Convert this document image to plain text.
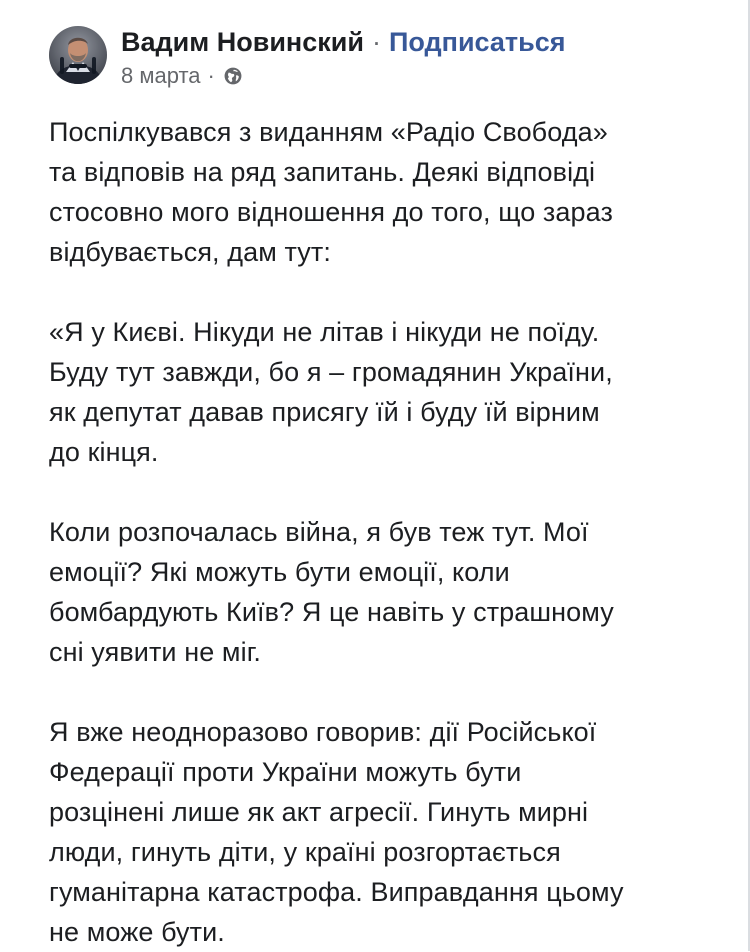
Вадим Новинский · Подписаться
8 марта ·

Поспілкувався з виданням «Радіо Свобода»
та відповів на ряд запитань. Деякі відповіді
стосовно мого відношення до того, що зараз
відбувається, дам тут:

«Я у Києві. Нікуди не літав і нікуди не поїду.
Буду тут завжди, бо я – громадянин України,
як депутат давав присягу їй і буду їй вірним
до кінця.

Коли розпочалась війна, я був теж тут. Мої
емоції? Які можуть бути емоції, коли
бомбардують Київ? Я це навіть у страшному
сні уявити не міг.

Я вже неодноразово говорив: дії Російської
Федерації проти України можуть бути
розцінені лише як акт агресії. Гинуть мирні
люди, гинуть діти, у країні розгортається
гуманітарна катастрофа. Виправдання цьому
не може бути.
